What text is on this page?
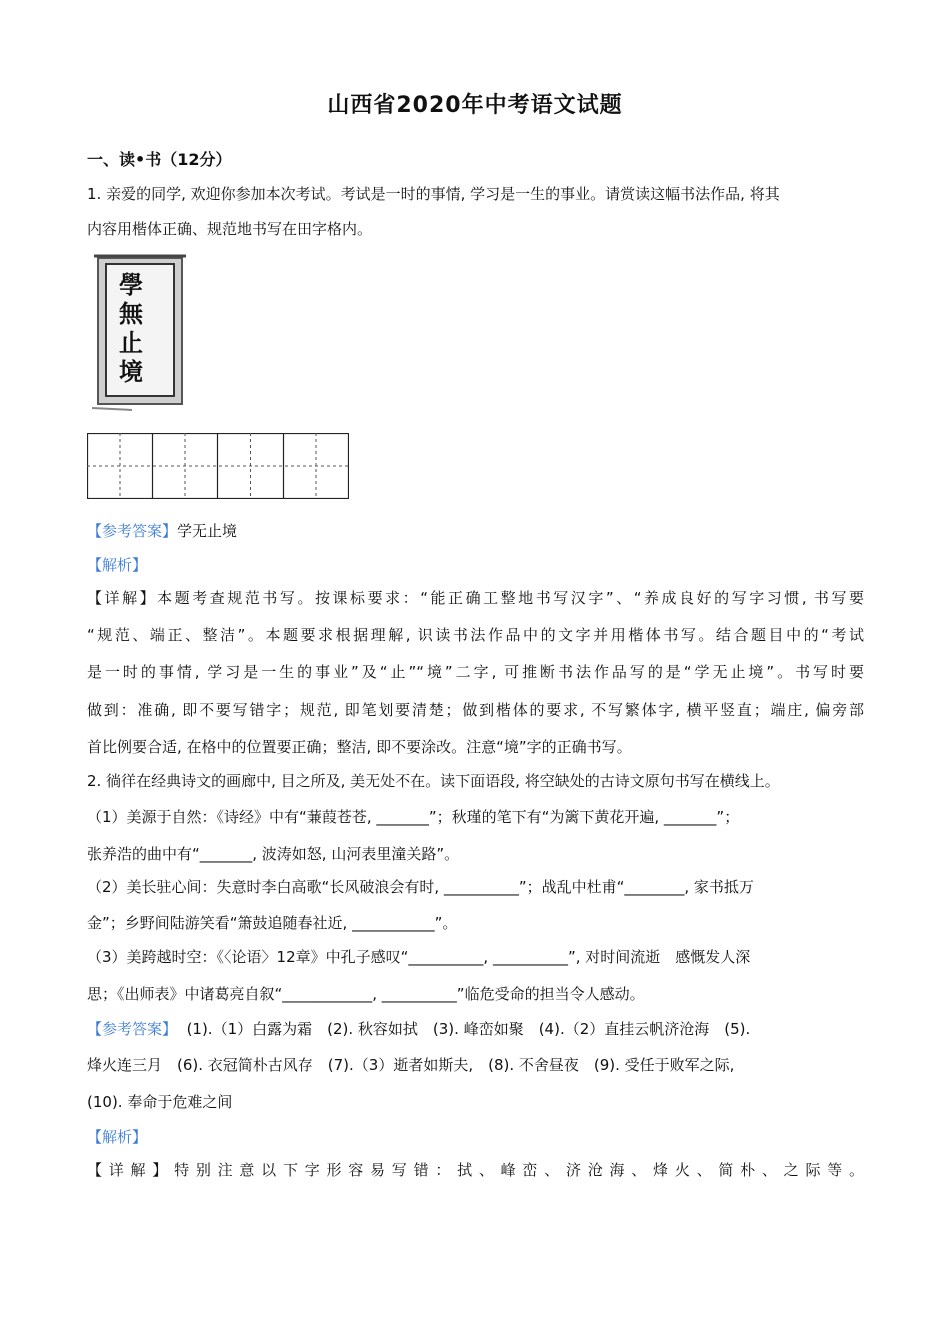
山西省2020年中考语文试题
一、读•书（12分）
1. 亲爱的同学, 欢迎你参加本次考试。考试是一时的事情, 学习是一生的事业。请赏读这幅书法作品, 将其
内容用楷体正确、规范地书写在田字格内。
學無止境
【参考答案】学无止境
【解析】
【详解】本题考查规范书写。按课标要求：“能正确工整地书写汉字”、“养成良好的写字习惯, 书写要
“规范、端正、整洁”。本题要求根据理解, 识读书法作品中的文字并用楷体书写。结合题目中的“考试
是一时的事情, 学习是一生的事业”及“止”“境”二字, 可推断书法作品写的是“学无止境”。书写时要
做到：准确, 即不要写错字；规范, 即笔划要清楚；做到楷体的要求, 不写繁体字, 横平竖直；端庄, 偏旁部
首比例要合适, 在格中的位置要正确；整洁, 即不要涂改。注意“境”字的正确书写。
2. 徜徉在经典诗文的画廊中, 目之所及, 美无处不在。读下面语段, 将空缺处的古诗文原句书写在横线上。
（1）美源于自然：《诗经》中有“蒹葭苍苍, _______”；秋瑾的笔下有“为篱下黄花开遍, _______”；
张养浩的曲中有“_______, 波涛如怒, 山河表里潼关路”。
（2）美长驻心间：失意时李白高歌“长风破浪会有时, __________”；战乱中杜甫“________, 家书抵万
金”；乡野间陆游笑看“箫鼓追随春社近, ___________”。
（3）美跨越时空：《〈论语〉12章》中孔子感叹“__________, __________”, 对时间流逝　感慨发人深
思；《出师表》中诸葛亮自叙“____________, __________”临危受命的担当令人感动。
【参考答案】 (1).（1）白露为霜　(2). 秋容如拭　(3). 峰峦如聚　(4).（2）直挂云帆济沧海　(5).
烽火连三月　(6). 衣冠简朴古风存　(7).（3）逝者如斯夫,　(8). 不舍昼夜　(9). 受任于败军之际,
(10). 奉命于危难之间
【解析】
【详解】特别注意以下字形容易写错：拭、峰峦、济沧海、烽火、简朴、之际等。
